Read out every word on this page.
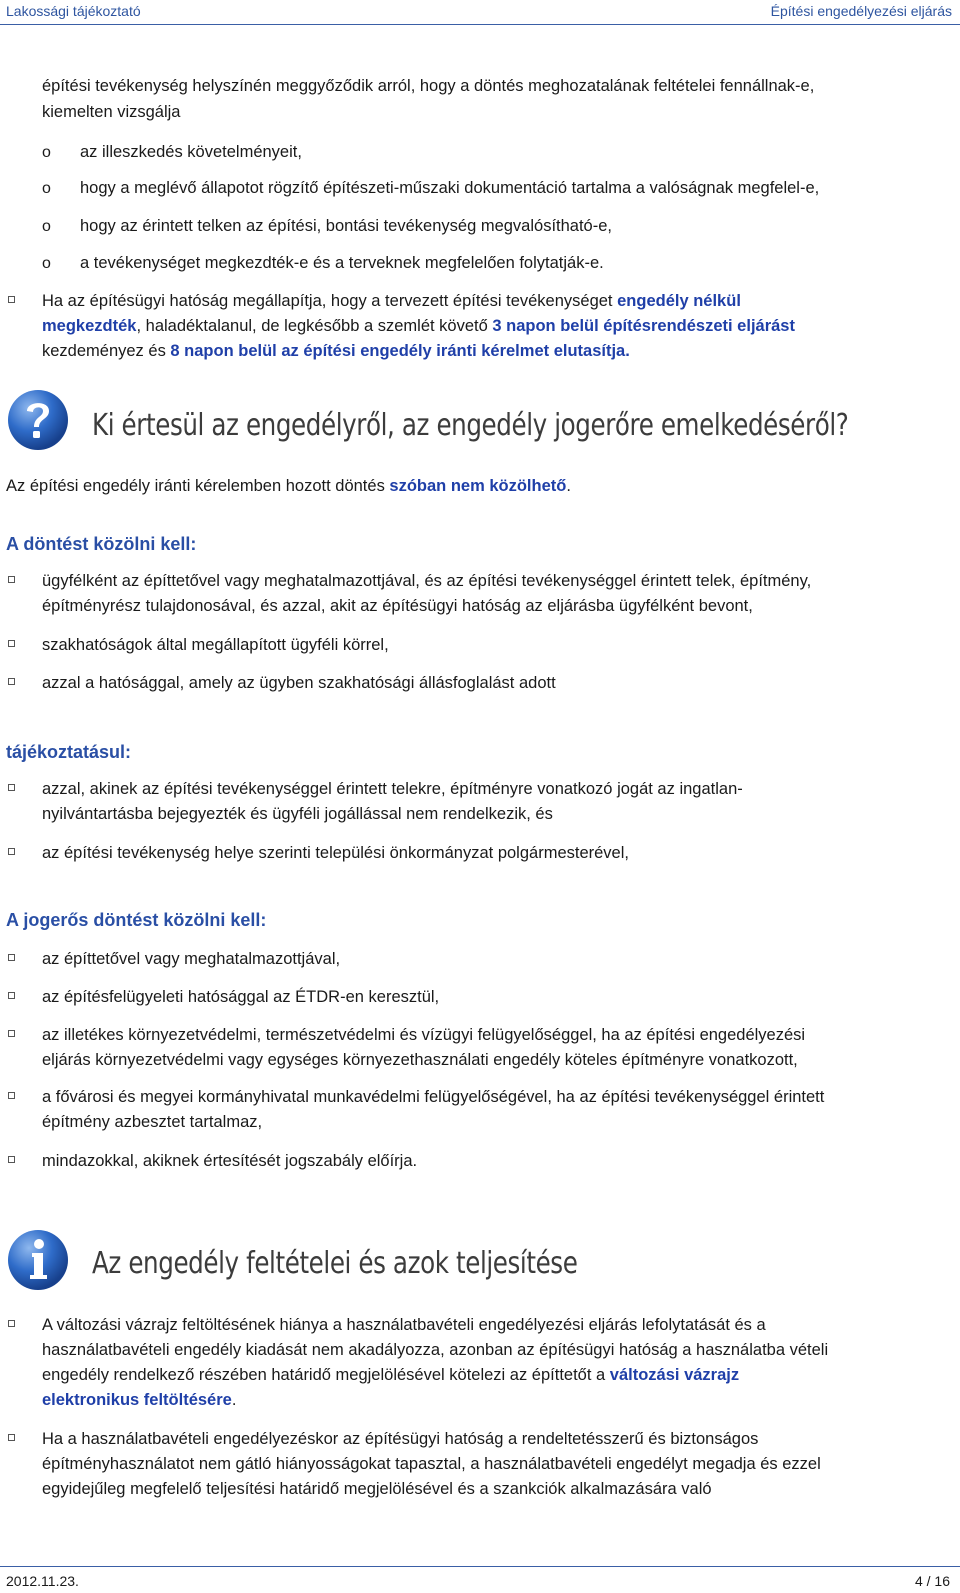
Lakossági tájékoztató	Építési engedélyezési eljárás
építési tevékenység helyszínén meggyőződik arról, hogy a döntés meghozatalának feltételei fennállnak-e,
kiemelten vizsgálja
o az illeszkedés követelményeit,
o hogy a meglévő állapotot rögzítő építészeti-műszaki dokumentáció tartalma a valóságnak megfelel-e,
o hogy az érintett telken az építési, bontási tevékenység megvalósítható-e,
o a tevékenységet megkezdték-e és a terveknek megfelelően folytatják-e.
Ha az építésügyi hatóság megállapítja, hogy a tervezett építési tevékenységet engedély nélkül
megkezdték, haladéktalanul, de legkésőbb a szemlét követő 3 napon belül építésrendészeti eljárást
kezdeményez és 8 napon belül az építési engedély iránti kérelmet elutasítja.
Ki értesül az engedélyről, az engedély jogerőre emelkedéséről?
Az építési engedély iránti kérelemben hozott döntés szóban nem közölhető.
A döntést közölni kell:
ügyfélként az építtetővel vagy meghatalmazottjával, és az építési tevékenységgel érintett telek, építmény,
építményrész tulajdonosával, és azzal, akit az építésügyi hatóság az eljárásba ügyfélként bevont,
szakhatóságok által megállapított ügyféli körrel,
azzal a hatósággal, amely az ügyben szakhatósági állásfoglalást adott
tájékoztatásul:
azzal, akinek az építési tevékenységgel érintett telekre, építményre vonatkozó jogát az ingatlan-
nyilvántartásba bejegyezték és ügyféli jogállással nem rendelkezik, és
az építési tevékenység helye szerinti települési önkormányzat polgármesterével,
A jogerős döntést közölni kell:
az építtetővel vagy meghatalmazottjával,
az építésfelügyeleti hatósággal az ÉTDR-en keresztül,
az illetékes környezetvédelmi, természetvédelmi és vízügyi felügyelőséggel, ha az építési engedélyezési
eljárás környezetvédelmi vagy egységes környezethasználati engedély köteles építményre vonatkozott,
a fővárosi és megyei kormányhivatal munkavédelmi felügyelőségével, ha az építési tevékenységgel érintett
építmény azbesztet tartalmaz,
mindazokkal, akiknek értesítését jogszabály előírja.
Az engedély feltételei és azok teljesítése
A változási vázrajz feltöltésének hiánya a használatbavételi engedélyezési eljárás lefolytatását és a
használatbavételi engedély kiadását nem akadályozza, azonban az építésügyi hatóság a használatba vételi
engedély rendelkező részében határidő megjelölésével kötelezi az építtetőt a változási vázrajz
elektronikus feltöltésére.
Ha a használatbavételi engedélyezéskor az építésügyi hatóság a rendeltetésszerű és biztonságos
építményhasználatot nem gátló hiányosságokat tapasztal, a használatbavételi engedélyt megadja és ezzel
egyidejűleg megfelelő teljesítési határidő megjelölésével és a szankciók alkalmazására való
2012.11.23.	4 / 16
